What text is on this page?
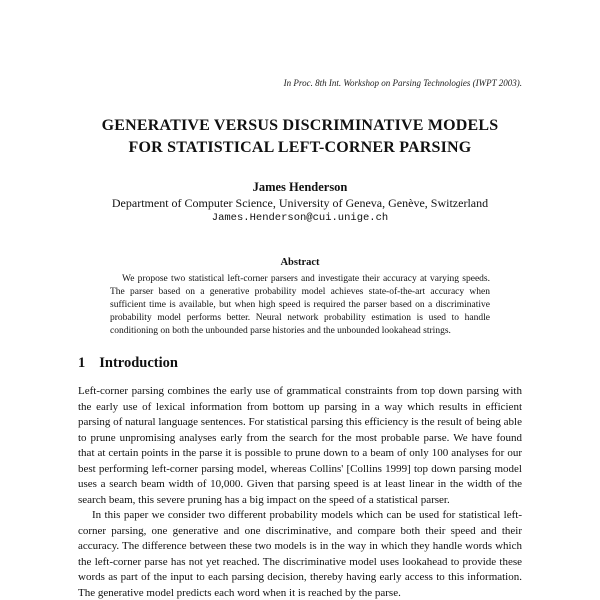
In Proc. 8th Int. Workshop on Parsing Technologies (IWPT 2003).
GENERATIVE VERSUS DISCRIMINATIVE MODELS
FOR STATISTICAL LEFT-CORNER PARSING
James Henderson
Department of Computer Science, University of Geneva, Genève, Switzerland
James.Henderson@cui.unige.ch
Abstract

We propose two statistical left-corner parsers and investigate their accuracy at varying speeds. The parser based on a generative probability model achieves state-of-the-art accuracy when sufficient time is available, but when high speed is required the parser based on a discriminative probability model performs better. Neural network probability estimation is used to handle conditioning on both the unbounded parse histories and the unbounded lookahead strings.

1 Introduction

Left-corner parsing combines the early use of grammatical constraints from top down parsing with the early use of lexical information from bottom up parsing in a way which results in efficient parsing of natural language sentences. For statistical parsing this efficiency is the result of being able to prune unpromising analyses early from the search for the most probable parse. We have found that at certain points in the parse it is possible to prune down to a beam of only 100 analyses for our best performing left-corner parsing model, whereas Collins' [Collins 1999] top down parsing model uses a search beam width of 10,000. Given that parsing speed is at least linear in the width of the search beam, this severe pruning has a big impact on the speed of a statistical parser.

In this paper we consider two different probability models which can be used for statistical left-corner parsing, one generative and one discriminative, and compare both their speed and their accuracy. The difference between these two models is in the way in which they handle words which the left-corner parse has not yet reached. The discriminative model uses lookahead to provide these words as part of the input to each parsing decision, thereby having early access to this information. The generative model predicts each word when it is reached by the parse.
